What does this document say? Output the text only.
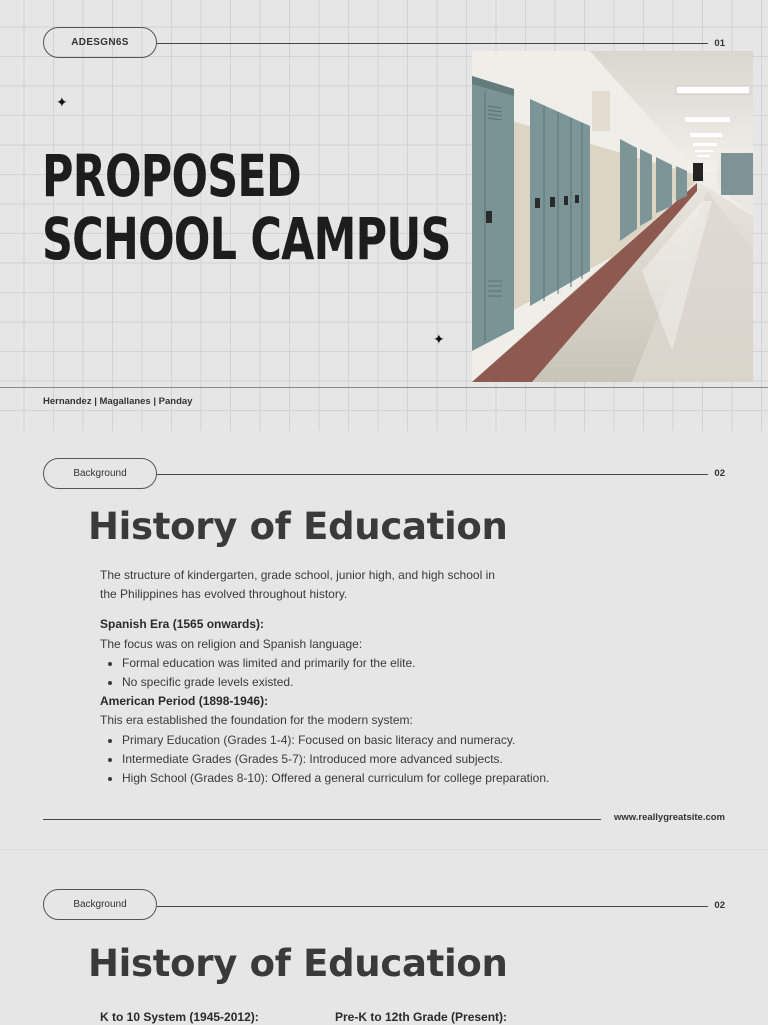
ADESGN6S	01
✦
✦
PROPOSED
SCHOOL CAMPUS
Hernandez | Magallanes | Panday
Background	02
History of Education

The structure of kindergarten, grade school, junior high, and high school in

the Philippines has evolved throughout history.

Spanish Era (1565 onwards):

The focus was on religion and Spanish language:

• Formal education was limited and primarily for the elite.
• No specific grade levels existed.

American Period (1898-1946):

This era established the foundation for the modern system:

• Primary Education (Grades 1-4): Focused on basic literacy and numeracy.
• Intermediate Grades (Grades 5-7): Introduced more advanced subjects.
• High School (Grades 8-10): Offered a general curriculum for college preparation.
www.reallygreatsite.com
Background	02
History of Education
K to 10 System (1945-2012):	Pre-K to 12th Grade (Present):
